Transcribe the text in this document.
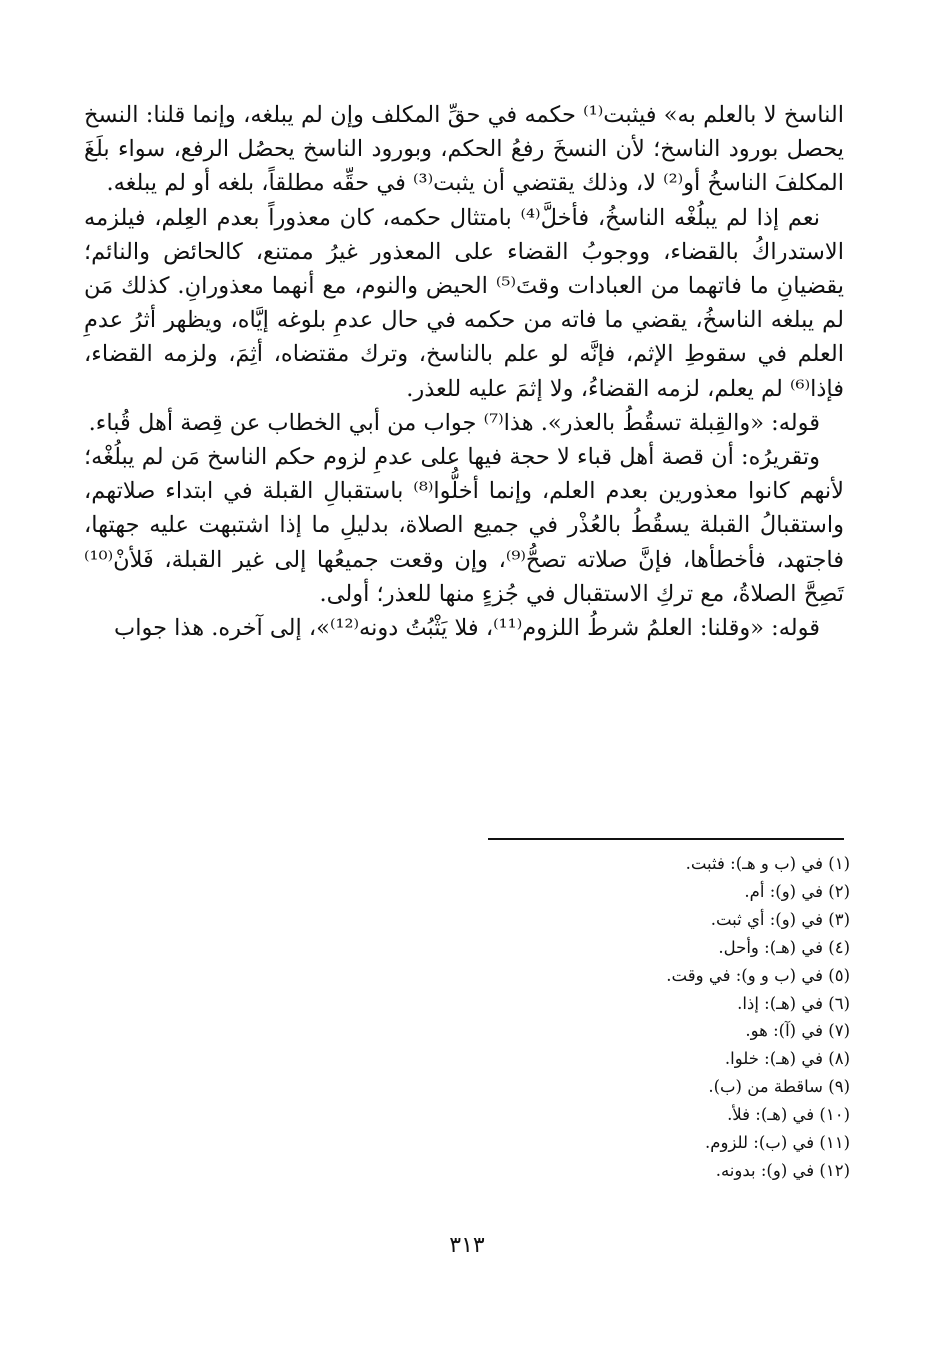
الناسخ لا بالعلم به» فيثبت⁽¹⁾ حكمه في حقِّ المكلف وإن لم يبلغه، وإنما قلنا: النسخ يحصل بورود الناسخ؛ لأن النسخَ رفعُ الحكم، وبورود الناسخ يحصُل الرفع، سواء بلَغَ المكلفَ الناسخُ أو⁽²⁾ لا، وذلك يقتضي أن يثبت⁽³⁾ في حقِّه مطلقاً، بلغه أو لم يبلغه.

نعم إذا لم يبلُغْه الناسخُ، فأخلَّ⁽⁴⁾ بامتثال حكمه، كان معذوراً بعدم العِلم، فيلزمه الاستدراكُ بالقضاء، ووجوبُ القضاء على المعذور غيرُ ممتنع، كالحائض والنائم؛ يقضيانِ ما فاتهما من العبادات وقتَ⁽⁵⁾ الحيض والنوم، مع أنهما معذورانِ. كذلك مَن لم يبلغه الناسخُ، يقضي ما فاته من حكمه في حال عدمِ بلوغه إيَّاه، ويظهر أثرُ عدمِ العلم في سقوطِ الإثم، فإنَّه لو علم بالناسخ، وترك مقتضاه، أثِمَ، ولزمه القضاء، فإذا⁽⁶⁾ لم يعلم، لزمه القضاءُ، ولا إثمَ عليه للعذر.

قوله: «والقِبلة تسقُطُ بالعذر». هذا⁽⁷⁾ جواب من أبي الخطاب عن قِصة أهل قُباء.

وتقريرُه: أن قصة أهل قباء لا حجة فيها على عدمِ لزوم حكم الناسخ مَن لم يبلُغْه؛ لأنهم كانوا معذورين بعدم العلم، وإنما أخلُّوا⁽⁸⁾ باستقبالِ القبلة في ابتداء صلاتهم، واستقبالُ القبلة يسقُطُ بالعُذْر في جميع الصلاة، بدليلِ ما إذا اشتبهت عليه جهتها، فاجتهد، فأخطأها، فإنَّ صلاته تصحُّ⁽⁹⁾، وإن وقعت جميعُها إلى غير القبلة، فَلأنْ⁽¹⁰⁾ تَصِحَّ الصلاةُ، مع تركِ الاستقبال في جُزءٍ منها للعذر؛ أولى.

قوله: «وقلنا: العلمُ شرطُ اللزوم⁽¹¹⁾، فلا يَثْبُتُ دونه⁽¹²⁾»، إلى آخره. هذا جواب

(١) في (ب و هـ): فثبت.
(٢) في (و): أم.
(٣) في (و): أي ثبت.
(٤) في (هـ): وأحل.
(٥) في (ب و و): في وقت.
(٦) في (هـ): إذا.
(٧) في (آ): هو.
(٨) في (هـ): خلوا.
(٩) ساقطة من (ب).
(١٠) في (هـ): فلأ.
(١١) في (ب): للزوم.
(١٢) في (و): بدونه.
٣١٣
